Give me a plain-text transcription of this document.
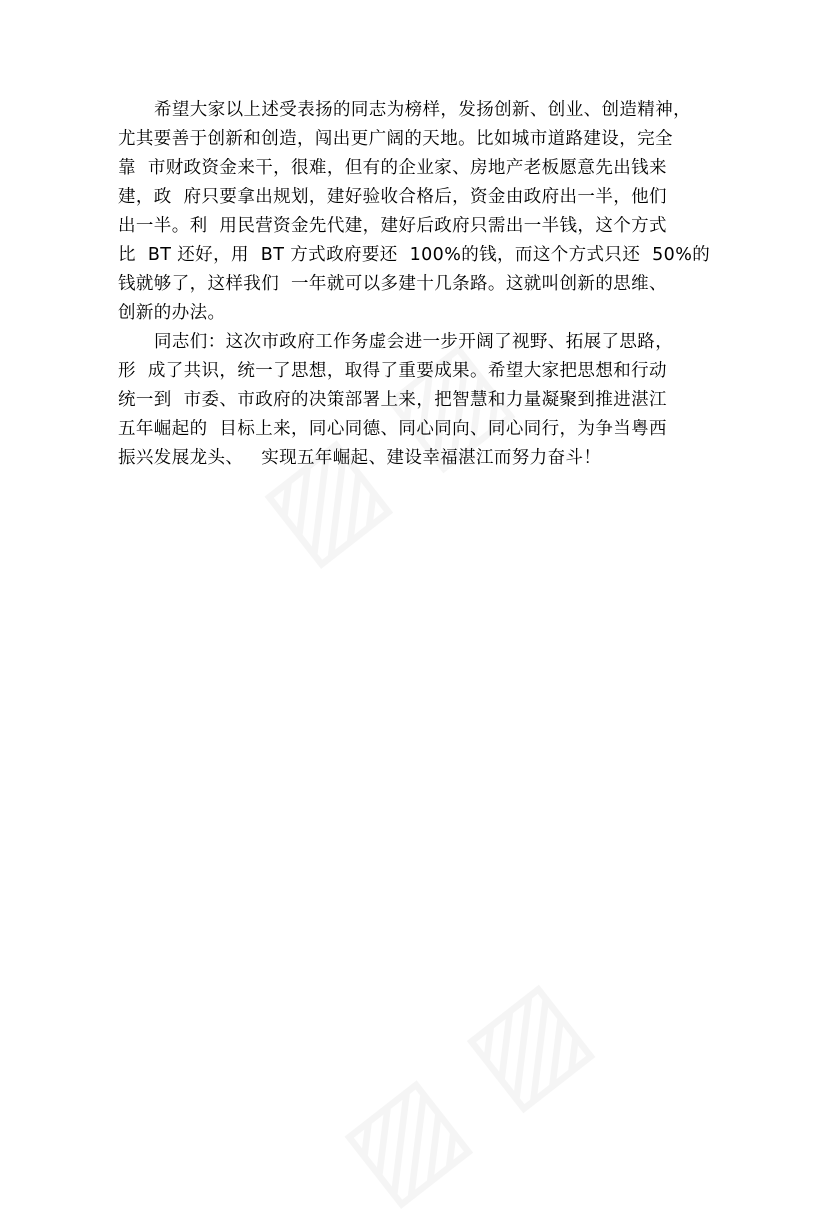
希望大家以上述受表扬的同志为榜样，发扬创新、创业、创造精神，
尤其要善于创新和创造，闯出更广阔的天地。比如城市道路建设，完全
靠  市财政资金来干，很难，但有的企业家、房地产老板愿意先出钱来
建，政  府只要拿出规划，建好验收合格后，资金由政府出一半，他们
出一半。利  用民营资金先代建，建好后政府只需出一半钱，这个方式
比  BT 还好，用  BT 方式政府要还  100%的钱，而这个方式只还  50%的
钱就够了，这样我们  一年就可以多建十几条路。这就叫创新的思维、
创新的办法。
同志们：这次市政府工作务虚会进一步开阔了视野、拓展了思路，
形  成了共识，统一了思想，取得了重要成果。希望大家把思想和行动
统一到  市委、市政府的决策部署上来，把智慧和力量凝聚到推进湛江
五年崛起的  目标上来，同心同德、同心同向、同心同行，为争当粤西
振兴发展龙头、   实现五年崛起、建设幸福湛江而努力奋斗！
